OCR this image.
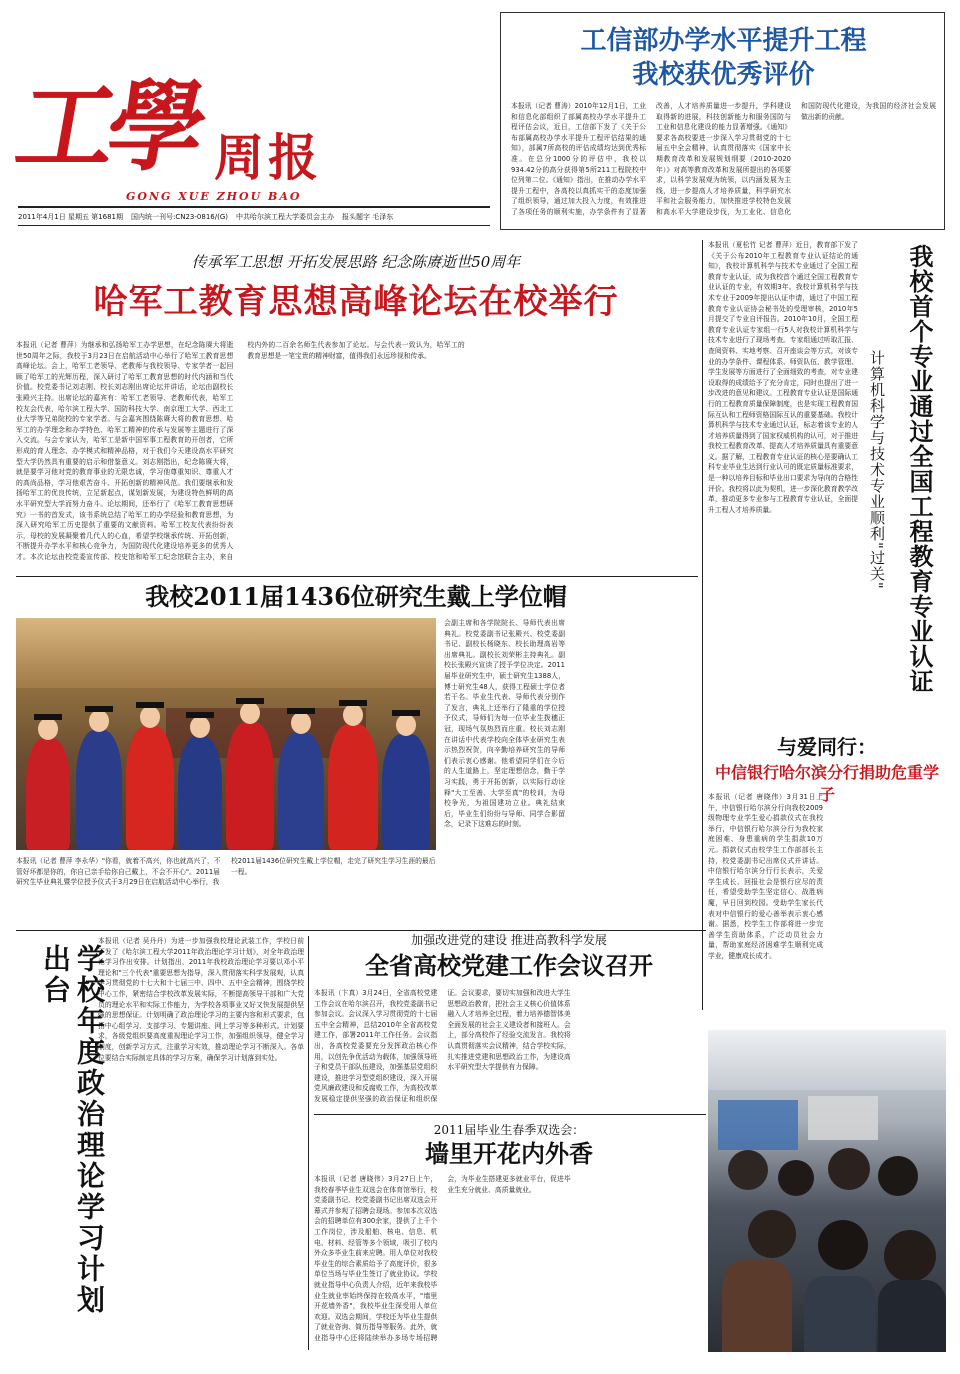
工學 周报
GONG XUE ZHOU BAO
2011年4月1日 星期五 第1681期 国内统一刊号:CN23-0816/(G) 中共哈尔滨工程大学委员会主办 报头题字 毛泽东
工信部办学水平提升工程
我校获优秀评价
本报讯（记者 曹涛）2010年12月1日，工业和信息化部组织了部属高校办学水平提升工程评估会议，近日，工信部下发了《关于公布部属高校办学水平提升工程评估结果的通知》，部属7所高校的评估成绩均达到优秀标准。在总分1000分的评估中，我校以934.42分的高分获得第5所211工程院校中位列第二位。《通知》指出，在推动办学水平提升工程中，各高校以真抓实干的态度加强了组织领导，通过加大投入力度，有效推进了各项任务的顺利实施，办学条件有了显著改善，人才培养质量进一步提升，学科建设取得新的进展，科技创新能力和服务国防与工业和信息化建设的能力显著增强。《通知》要求各高校要进一步深入学习贯彻党的十七届五中全会精神，认真贯彻落实《国家中长期教育改革和发展规划纲要（2010-2020年）》对高等教育改革和发展所提出的各项要求，以科学发展观为统领，以内涵发展为主线，进一步提高人才培养质量，科学研究水平和社会服务能力，加快推进学校特色发展和高水平大学建设步伐，为工业化、信息化和国防现代化建设，为我国的经济社会发展做出新的贡献。
传承军工思想 开拓发展思路 纪念陈赓逝世50周年
哈军工教育思想高峰论坛在校举行
本报讯（记者 曹萍）为继承和弘扬哈军工办学思想，在纪念陈赓大将逝世50周年之际，我校于3月23日在启航活动中心举行了哈军工教育思想高峰论坛。会上，哈军工老领导、老教师与我校领导、专家学者一起回顾了哈军工的光辉历程，深入研讨了哈军工教育思想的时代内涵和当代价值。校党委书记刘志刚、校长刘志刚出席论坛并讲话，论坛由副校长张殿兴主持。出席论坛的嘉宾有：哈军工老领导、老教师代表，哈军工校友会代表，哈尔滨工程大学、国防科技大学、南京理工大学、西北工业大学等兄弟院校的专家学者。与会嘉宾围绕陈赓大将的教育思想、哈军工的办学理念和办学特色、哈军工精神的传承与发展等主题进行了深入交流。与会专家认为，哈军工是新中国军事工程教育的开创者，它所形成的育人理念、办学模式和精神品格，对于我们今天建设高水平研究型大学仍然具有重要的启示和借鉴意义。刘志刚指出，纪念陈赓大将，就是要学习他对党的教育事业的无限忠诚，学习他尊重知识、尊重人才的高尚品格，学习他艰苦奋斗、开拓创新的精神风范。我们要继承和发扬哈军工的优良传统，立足新起点，谋划新发展，为建设特色鲜明的高水平研究型大学而努力奋斗。论坛期间，还举行了《哈军工教育思想研究》一书的首发式，该书系统总结了哈军工的办学经验和教育思想，为深入研究哈军工历史提供了重要的文献资料。哈军工校友代表纷纷表示，母校的发展凝聚着几代人的心血，希望学校继承传统、开拓创新，不断提升办学水平和核心竞争力，为国防现代化建设培养更多的优秀人才。本次论坛由校党委宣传部、校史馆和哈军工纪念馆联合主办，来自校内外的二百余名师生代表参加了论坛。与会代表一致认为，哈军工的教育思想是一笔宝贵的精神财富，值得我们永远珍视和传承。
我校2011届1436位研究生戴上学位帽
本报讯（记者 曹萍 李永华）"你看，就着不高兴，你也就高兴了，不管好坏都是你的，你自己亲手给你自己戴上，不会不开心"。2011届研究生毕业典礼暨学位授予仪式于3月29日在启航活动中心举行，我校2011届1436位研究生戴上学位帽，走完了研究生学习生涯的最后一程。
会副主席和各学院院长、导师代表出席典礼。校党委副书记张殿兴、校党委副书记、副校长杨晓东、校长助理高岩等出席典礼。副校长刘荣彬主持典礼。副校长张殿兴宣读了授予学位决定。2011届毕业研究生中，硕士研究生1388人，博士研究生48人，获得工程硕士学位者若干名。毕业生代表、导师代表分别作了发言，典礼上还举行了隆重的学位授予仪式，导师们为每一位毕业生拨穗正冠，现场气氛热烈而庄重。校长刘志刚在讲话中代表学校向全体毕业研究生表示热烈祝贺，向辛勤培养研究生的导师们表示衷心感谢。他希望同学们在今后的人生道路上，坚定理想信念，勤于学习实践，勇于开拓创新，以实际行动诠释"大工至善、大学至真"的校训，为母校争光，为祖国建功立业。典礼结束后，毕业生们纷纷与导师、同学合影留念，记录下这难忘的时刻。
本报讯（夏松竹 记者 曹萍）近日，教育部下发了《关于公布2010年工程教育专业认证结论的通知》，我校计算机科学与技术专业通过了全国工程教育专业认证，成为我校首个通过全国工程教育专业认证的专业，有效期3年。我校计算机科学与技术专业于2009年提出认证申请，通过了中国工程教育专业认证协会秘书处的受理审核，2010年5月提交了专业自评报告。2010年10月，全国工程教育专业认证专家组一行5人对我校计算机科学与技术专业进行了现场考查。专家组通过听取汇报、查阅资料、实地考察、召开座谈会等方式，对该专业的办学条件、课程体系、师资队伍、教学管理、学生发展等方面进行了全面细致的考查，对专业建设取得的成绩给予了充分肯定，同时也提出了进一步改进的意见和建议。工程教育专业认证是国际通行的工程教育质量保障制度，也是实现工程教育国际互认和工程师资格国际互认的重要基础。我校计算机科学与技术专业通过认证，标志着该专业的人才培养质量得到了国家权威机构的认可，对于推进我校工程教育改革、提高人才培养质量具有重要意义。据了解，工程教育专业认证的核心是要确认工科专业毕业生达到行业认可的既定质量标准要求，是一种以培养目标和毕业出口要求为导向的合格性评价。我校将以此为契机，进一步深化教育教学改革，推动更多专业参与工程教育专业认证，全面提升工程人才培养质量。	计算机科学与技术专业顺利"过关" 我校首个专业通过全国工程教育专业认证
与爱同行：
中信银行哈尔滨分行捐助危重学子
本报讯（记者 唐晓伟）3月31日上午，中信银行哈尔滨分行向我校2009级物理专业学生爱心捐款仪式在我校举行，中信银行哈尔滨分行为我校家庭困难、身患重病的学生捐款10万元。捐款仪式由校学生工作部部长主持，校党委副书记出席仪式并讲话。中信银行哈尔滨分行行长表示，关爱学生成长、回报社会是银行应尽的责任，希望受助学生坚定信心、战胜病魔，早日回到校园。受助学生家长代表对中信银行的爱心善举表示衷心感谢。据悉，校学生工作部将进一步完善学生资助体系，广泛动员社会力量，帮助家庭经济困难学生顺利完成学业，健康成长成才。
学校年度政治理论学习计划出台
本报讯（记者 吴丹丹）为进一步加强我校理论武装工作，学校日前下发了《哈尔滨工程大学2011年政治理论学习计划》，对全年政治理论学习作出安排。计划指出，2011年我校政治理论学习要以邓小平理论和"三个代表"重要思想为指导，深入贯彻落实科学发展观，认真学习贯彻党的十七大和十七届三中、四中、五中全会精神，围绕学校中心工作，紧密结合学校改革发展实际，不断提高领导干部和广大党员的理论水平和实际工作能力，为学校各项事业又好又快发展提供坚强的思想保证。计划明确了政治理论学习的主要内容和形式要求，包括中心组学习、支部学习、专题讲座、网上学习等多种形式。计划要求，各级党组织要高度重视理论学习工作，加强组织领导，健全学习制度，创新学习方式，注重学习实效，推动理论学习不断深入。各单位要结合实际制定具体的学习方案，确保学习计划落到实处。
加强改进党的建设 推进高教科学发展
全省高校党建工作会议召开
本报讯（卞真）3月24日，全省高校党建工作会议在哈尔滨召开，我校党委副书记参加会议。会议深入学习贯彻党的十七届五中全会精神，总结2010年全省高校党建工作，部署2011年工作任务。会议指出，各高校党委要充分发挥政治核心作用，以创先争优活动为载体，加强领导班子和党员干部队伍建设，加强基层党组织建设，推进学习型党组织建设，深入开展党风廉政建设和反腐败工作，为高校改革发展稳定提供坚强的政治保证和组织保证。会议要求，要切实加强和改进大学生思想政治教育，把社会主义核心价值体系融入人才培养全过程，着力培养德智体美全面发展的社会主义建设者和接班人。会上，部分高校作了经验交流发言。我校将认真贯彻落实会议精神，结合学校实际，扎实推进党建和思想政治工作，为建设高水平研究型大学提供有力保障。
2011届毕业生春季双选会：
墙里开花内外香
本报讯（记者 唐晓伟）3月27日上午，我校春季毕业生双选会在体育馆举行，校党委副书记、校党委副书记出席双选会开幕式并参观了招聘会现场。参加本次双选会的招聘单位有300余家，提供了上千个工作岗位，涉及船舶、核电、信息、机电、材料、经管等多个领域，吸引了校内外众多毕业生前来应聘。用人单位对我校毕业生的综合素质给予了高度评价，很多单位当场与毕业生签订了就业协议。学校就业指导中心负责人介绍，近年来我校毕业生就业率始终保持在较高水平，"墙里开花墙外香"，我校毕业生深受用人单位欢迎。双选会期间，学校还为毕业生提供了就业咨询、简历指导等服务。此外，就业指导中心还将陆续举办多场专场招聘会，为毕业生搭建更多就业平台，促进毕业生充分就业、高质量就业。
